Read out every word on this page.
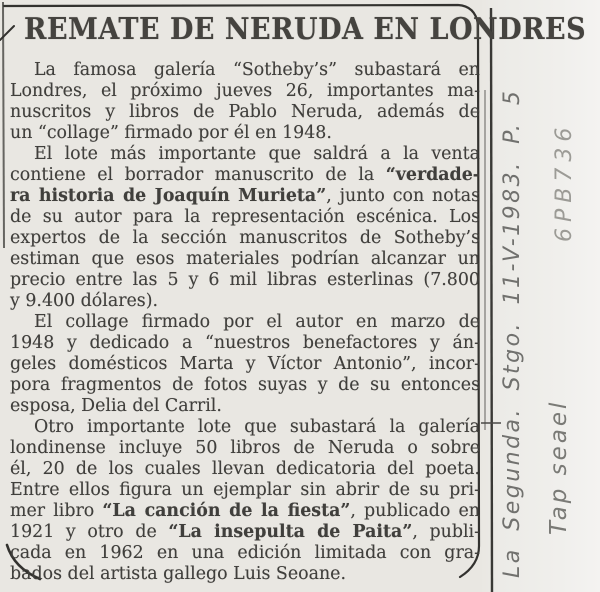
REMATE DE NERUDA EN LONDRES
La famosa galería “Sotheby’s” subastará en
Londres, el próximo jueves 26, importantes ma-
nuscritos y libros de Pablo Neruda, además de
un “collage” firmado por él en 1948.
El lote más importante que saldrá a la venta
contiene el borrador manuscrito de la “verdade-
ra historia de Joaquín Murieta”, junto con notas
de su autor para la representación escénica. Los
expertos de la sección manuscritos de Sotheby’s
estiman que esos materiales podrían alcanzar un
precio entre las 5 y 6 mil libras esterlinas (7.800
y 9.400 dólares).
El collage firmado por el autor en marzo de
1948 y dedicado a “nuestros benefactores y án-
geles domésticos Marta y Víctor Antonio”, incor-
pora fragmentos de fotos suyas y de su entonces
esposa, Delia del Carril.
Otro importante lote que subastará la galería
londinense incluye 50 libros de Neruda o sobre
él, 20 de los cuales llevan dedicatoria del poeta.
Entre ellos figura un ejemplar sin abrir de su pri-
mer libro “La canción de la fiesta”, publicado en
1921 y otro de “La insepulta de Paita”, publi-
cada en 1962 en una edición limitada con gra-
bados del artista gallego Luis Seoane.	La Segunda. Stgo. 11-V-1983. P. 5 Tap seael
6PB736
